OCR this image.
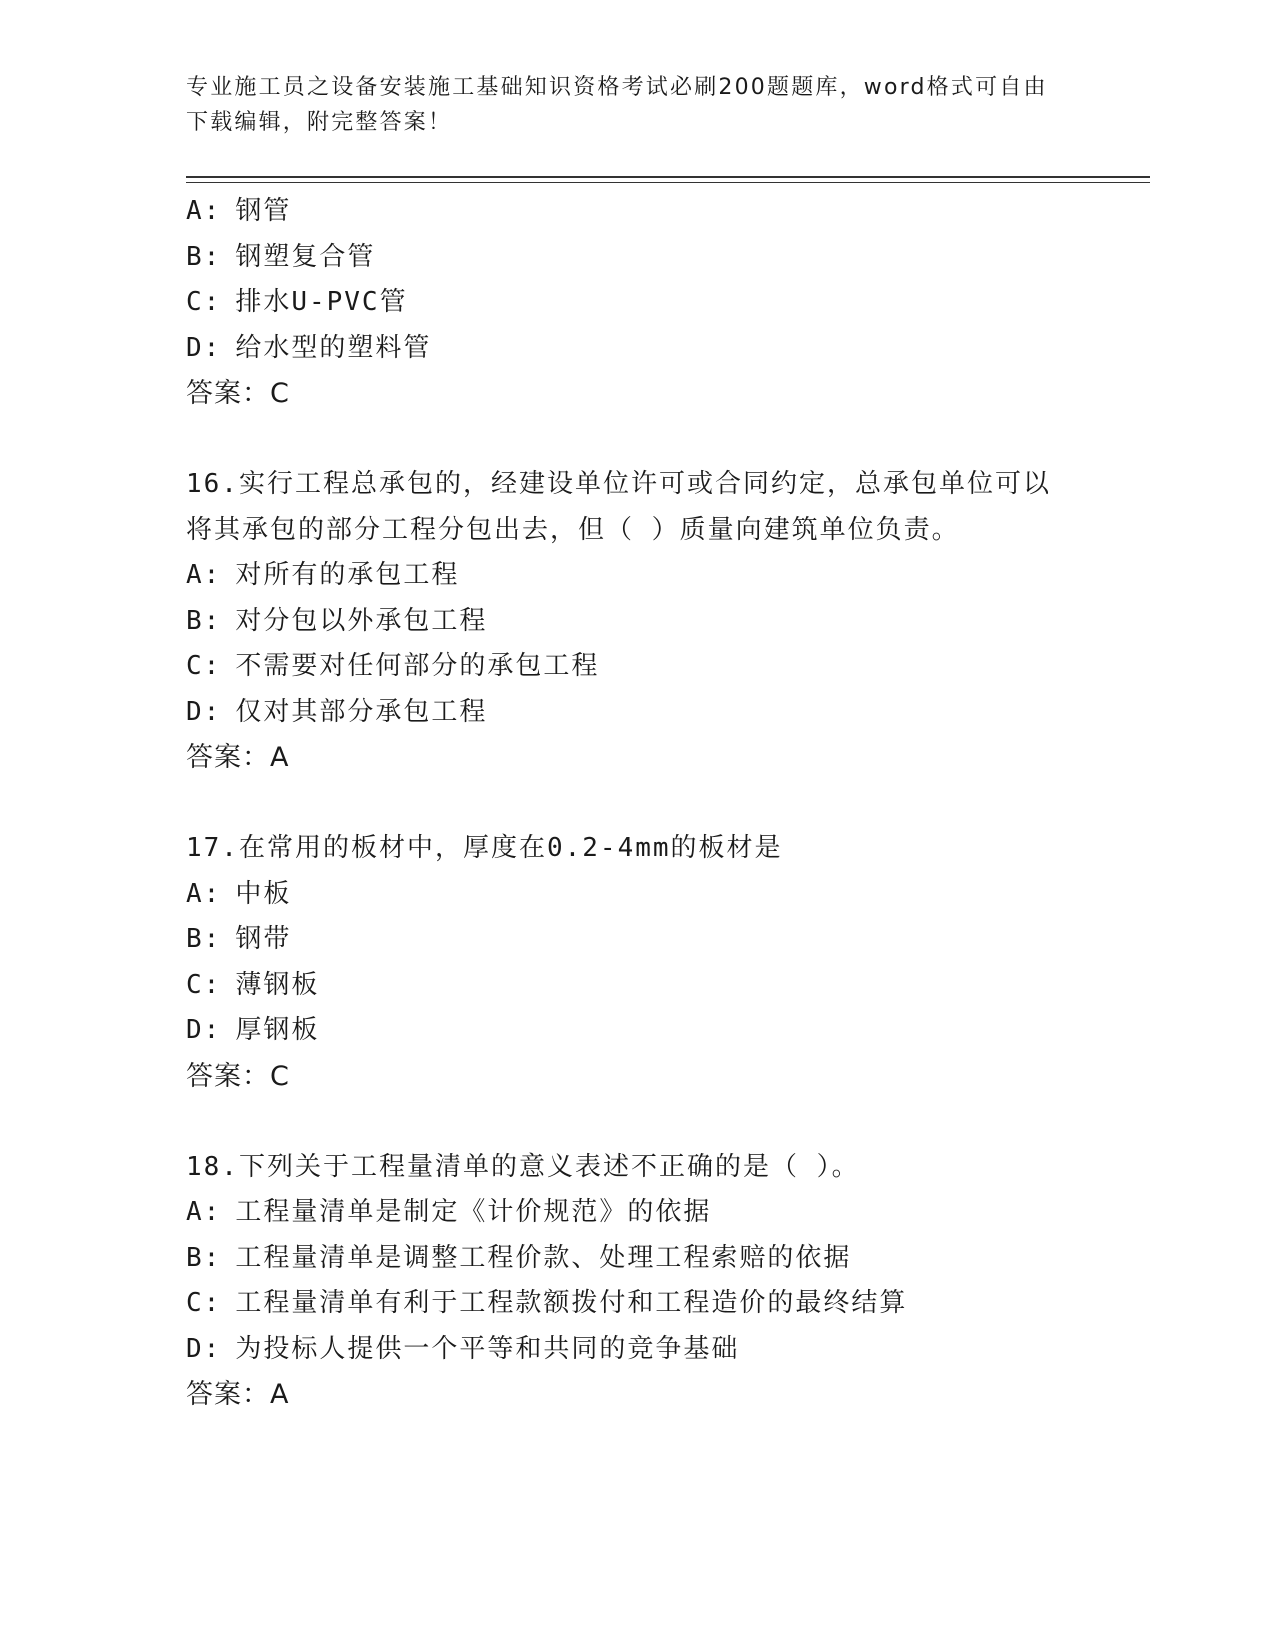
专业施工员之设备安装施工基础知识资格考试必刷200题题库，word格式可自由
下载编辑，附完整答案！
A: 钢管
B: 钢塑复合管
C: 排水U-PVC管
D: 给水型的塑料管
答案：C
16.实行工程总承包的，经建设单位许可或合同约定，总承包单位可以
将其承包的部分工程分包出去，但（ ）质量向建筑单位负责。
A: 对所有的承包工程
B: 对分包以外承包工程
C: 不需要对任何部分的承包工程
D: 仅对其部分承包工程
答案：A
17.在常用的板材中，厚度在0.2-4mm的板材是
A: 中板
B: 钢带
C: 薄钢板
D: 厚钢板
答案：C
18.下列关于工程量清单的意义表述不正确的是（ ）。
A: 工程量清单是制定《计价规范》的依据
B: 工程量清单是调整工程价款、处理工程索赔的依据
C: 工程量清单有利于工程款额拨付和工程造价的最终结算
D: 为投标人提供一个平等和共同的竞争基础
答案：A
